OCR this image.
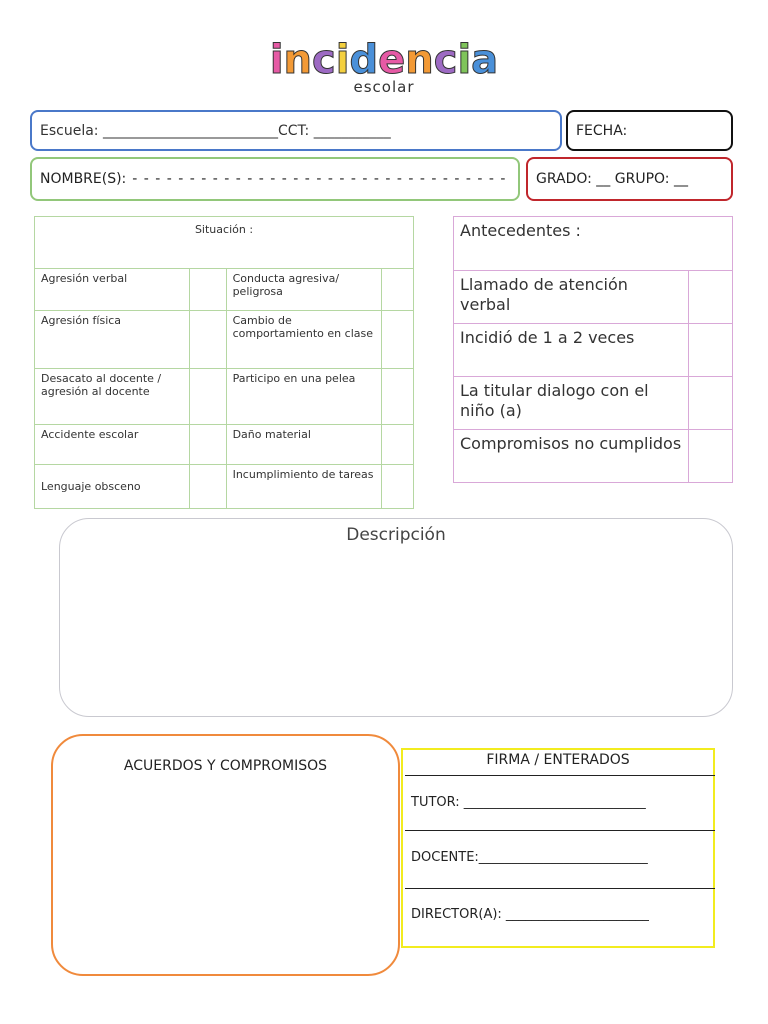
incidencia
escolar
Escuela: _________________________CCT: ___________	FECHA:
NOMBRE(S): - - - - - - - - - - - - - - - - - - - - - - - - - - - - - - - - - GRADO: __ GRUPO: __
Situación :			
Agresión verbal		Conducta agresiva/ peligrosa	
Agresión física		Cambio de comportamiento en clase	
Desacato al docente / agresión al docente		Participo en una pelea	
Accidente escolar		Daño material	
Lenguaje obsceno		Incumplimiento de tareas	
Antecedentes :	
Llamado de atención verbal	
Incidió de 1 a 2 veces	
La titular dialogo con el niño (a)	
Compromisos no cumplidos	
Descripción
ACUERDOS Y COMPROMISOS	FIRMA / ENTERADOS
TUTOR: ____________________________
DOCENTE:__________________________
DIRECTOR(A): ______________________
